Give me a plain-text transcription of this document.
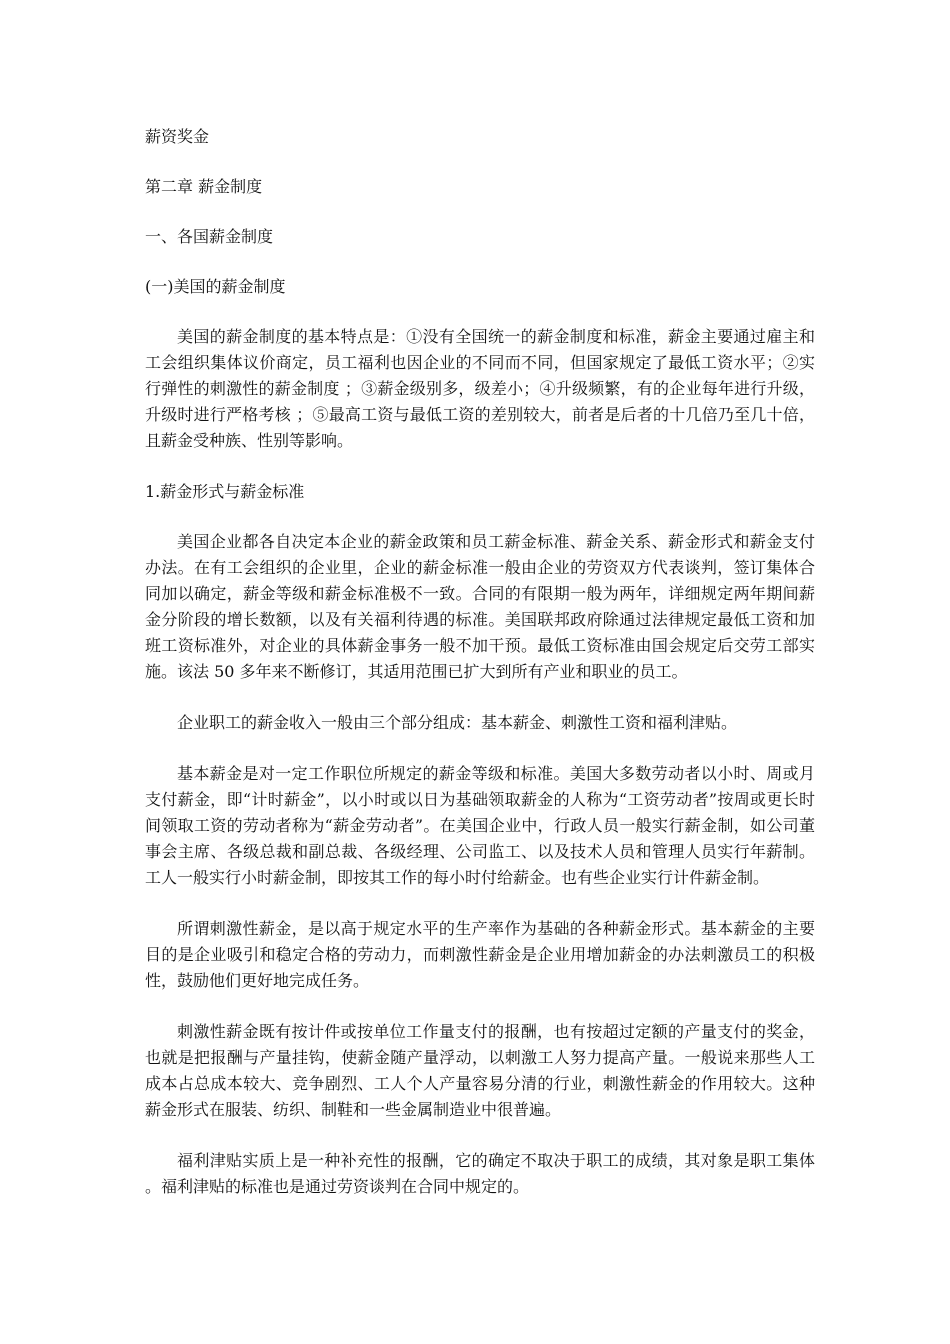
薪资奖金
第二章 薪金制度
一、各国薪金制度
(一)美国的薪金制度

美国的薪金制度的基本特点是：①没有全国统一的薪金制度和标准，薪金主要通过雇主和工会组织集体议价商定，员工福利也因企业的不同而不同，但国家规定了最低工资水平；②实行弹性的刺激性的薪金制度 ；③薪金级别多，级差小；④升级频繁，有的企业每年进行升级，升级时进行严格考核 ；⑤最高工资与最低工资的差别较大，前者是后者的十几倍乃至几十倍，且薪金受种族、性别等影响。

1.薪金形式与薪金标准

美国企业都各自决定本企业的薪金政策和员工薪金标准、薪金关系、薪金形式和薪金支付办法。在有工会组织的企业里，企业的薪金标准一般由企业的劳资双方代表谈判，签订集体合同加以确定，薪金等级和薪金标准极不一致。合同的有限期一般为两年，详细规定两年期间薪金分阶段的增长数额，以及有关福利待遇的标准。美国联邦政府除通过法律规定最低工资和加班工资标准外，对企业的具体薪金事务一般不加干预。最低工资标准由国会规定后交劳工部实施。该法 50 多年来不断修订，其适用范围已扩大到所有产业和职业的员工。

企业职工的薪金收入一般由三个部分组成：基本薪金、刺激性工资和福利津贴。

基本薪金是对一定工作职位所规定的薪金等级和标准。美国大多数劳动者以小时、周或月支付薪金，即“计时薪金”，以小时或以日为基础领取薪金的人称为“工资劳动者”按周或更长时间领取工资的劳动者称为“薪金劳动者”。在美国企业中，行政人员一般实行薪金制，如公司董事会主席、各级总裁和副总裁、各级经理、公司监工、以及技术人员和管理人员实行年薪制。工人一般实行小时薪金制，即按其工作的每小时付给薪金。也有些企业实行计件薪金制。

所谓刺激性薪金，是以高于规定水平的生产率作为基础的各种薪金形式。基本薪金的主要目的是企业吸引和稳定合格的劳动力，而刺激性薪金是企业用增加薪金的办法刺激员工的积极性，鼓励他们更好地完成任务。

刺激性薪金既有按计件或按单位工作量支付的报酬，也有按超过定额的产量支付的奖金，也就是把报酬与产量挂钩，使薪金随产量浮动，以刺激工人努力提高产量。一般说来那些人工成本占总成本较大、竞争剧烈、工人个人产量容易分清的行业，刺激性薪金的作用较大。这种薪金形式在服装、纺织、制鞋和一些金属制造业中很普遍。

福利津贴实质上是一种补充性的报酬，它的确定不取决于职工的成绩，其对象是职工集体。福利津贴的标准也是通过劳资谈判在合同中规定的。
